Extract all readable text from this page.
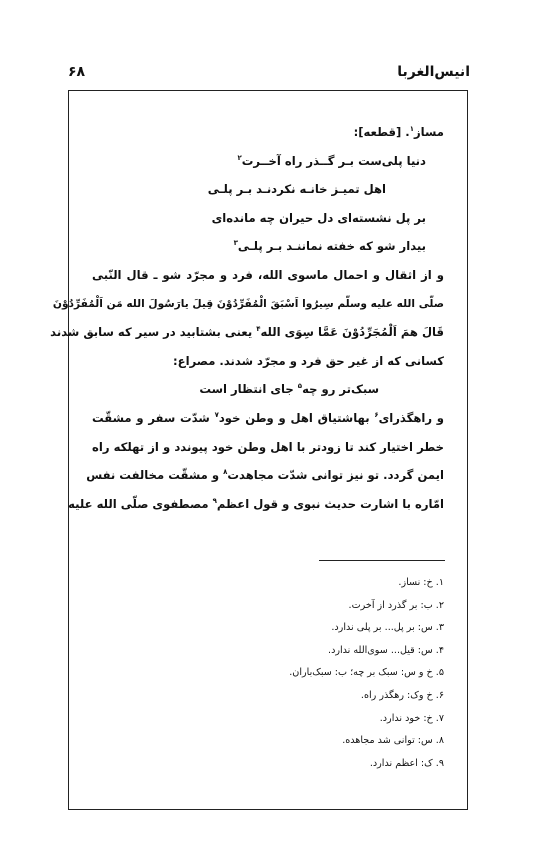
انیس‌الغربا
۶۸
مساز$^۱$. [قطعه]:
دنیا پلی‌ست بـر گــذر راه آخــرت$^۲$
اهل تمیـز خانـه نکردنـد بـر پلـی
بر پل نشسته‌ای دل حیران چه مانده‌ای
بیدار شو که خفته نماننـد بـر پلـی$^۳$
و از اثقال و احمال ماسوی الله، فرد و مجرّد شو ـ قال النّبی
صلّی الله علیه وسلّم سِیرُوا اَسْبَقَ الْمُفَرِّدُوْنَ قِیلَ یارَسُولَ الله مَن اَلْمُفَرِّدُوْنَ
قَالَ همَ اَلْمُجَرِّدُوْنَ عَمَّا سِوَی الله$^۴$ یعنی بشتابید در سیر که سابق شدند
کسانی که از غیر حق فرد و مجرّد شدند. مصراع:
سبک‌تر رو چه$^۵$ جای انتظار است
و راهگذرای$^۶$ بهاشتیاق اهل و وطن خود$^۷$ شدّت سفر و مشقّت
خطر اختیار کند تا زودتر با اهل وطن خود پیوندد و از تهلکه راه
ایمن گردد. تو نیز توانی شدّت مجاهدت$^۸$ و مشقّت مخالفت نفس
امّاره با اشارت حدیث نبوی و قول اعظم$^۹$ مصطفوی صلّی الله علیه
۱. خ: نساز.
۲. ب: بر گذرد از آخرت.
۳. س: بر پل... بر پلی ندارد.
۴. س: قیل... سوی‌الله ندارد.
۵. خ و س: سبک بر چه؛ ب: سبک‌باران.
۶. خ وک: رهگذر راه.
۷. خ: خود ندارد.
۸. س: توانی شد مجاهده.
۹. ک: اعظم ندارد.
